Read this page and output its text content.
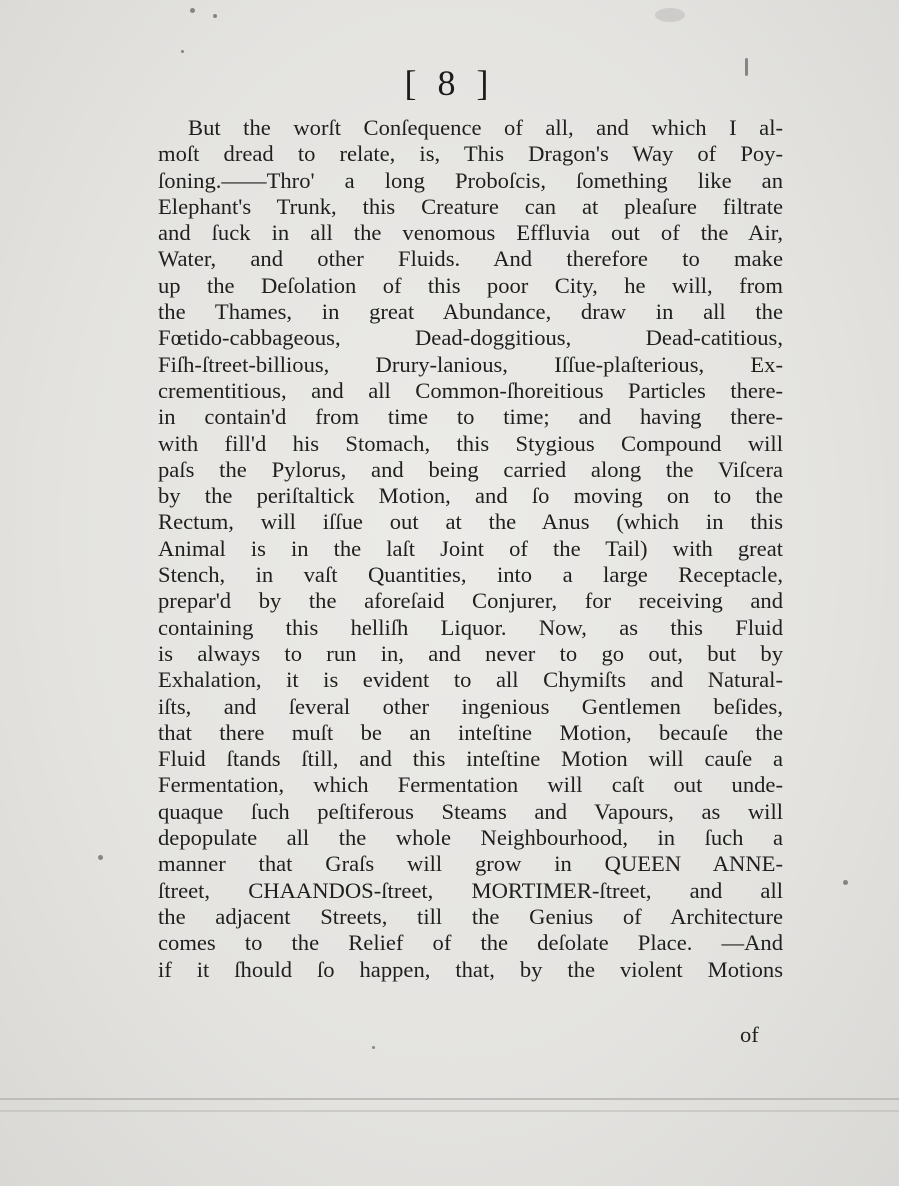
[ 8 ]
But the worſt Conſequence of all, and which I al-
moſt dread to relate, is, This Dragon's Way of Poy-
ſoning.——Thro' a long Proboſcis, ſomething like an
Elephant's Trunk, this Creature can at pleaſure filtrate
and ſuck in all the venomous Effluvia out of the Air,
Water, and other Fluids. And therefore to make
up the Deſolation of this poor City, he will, from
the Thames, in great Abundance, draw in all the
Fœtido-cabbageous, Dead-doggitious, Dead-catitious,
Fiſh-ſtreet-billious, Drury-lanious, Iſſue-plaſterious, Ex-
crementitious, and all Common-ſhoreitious Particles there-
in contain'd from time to time; and having there-
with fill'd his Stomach, this Stygious Compound will
paſs the Pylorus, and being carried along the Viſcera
by the periſtaltick Motion, and ſo moving on to the
Rectum, will iſſue out at the Anus (which in this
Animal is in the laſt Joint of the Tail) with great
Stench, in vaſt Quantities, into a large Receptacle,
prepar'd by the aforeſaid Conjurer, for receiving and
containing this helliſh Liquor. Now, as this Fluid
is always to run in, and never to go out, but by
Exhalation, it is evident to all Chymiſts and Natural-
iſts, and ſeveral other ingenious Gentlemen beſides,
that there muſt be an inteſtine Motion, becauſe the
Fluid ſtands ſtill, and this inteſtine Motion will cauſe a
Fermentation, which Fermentation will caſt out unde-
quaque ſuch peſtiferous Steams and Vapours, as will
depopulate all the whole Neighbourhood, in ſuch a
manner that Graſs will grow in QUEEN ANNE-
ſtreet, CHAANDOS-ſtreet, MORTIMER-ſtreet, and all
the adjacent Streets, till the Genius of Architecture
comes to the Relief of the deſolate Place. —And
if it ſhould ſo happen, that, by the violent Motions
of
